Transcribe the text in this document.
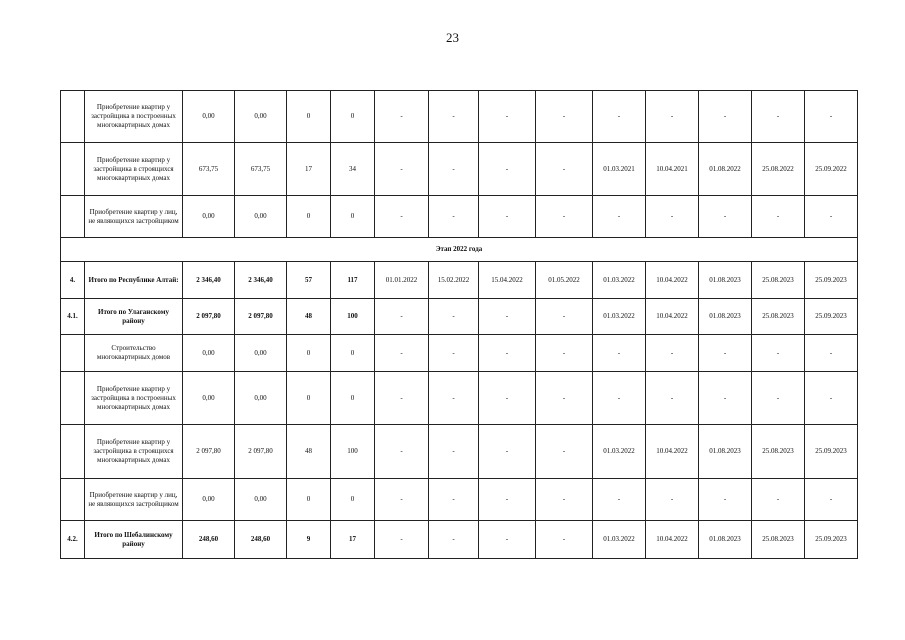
23
	Приобретение квартир у застройщика в построенных многоквартирных домах	0,00	0,00	0	0	-	-	-	-	-	-	-	-	-
	Приобретение квартир у застройщика в строящихся многоквартирных домах	673,75	673,75	17	34	-	-	-	-	01.03.2021	10.04.2021	01.08.2022	25.08.2022	25.09.2022
	Приобретение квартир у лиц, не являющихся застройщиком	0,00	0,00	0	0	-	-	-	-	-	-	-	-	-
Этап 2022 года														
4.	Итого по Республике Алтай:	2 346,40	2 346,40	57	117	01.01.2022	15.02.2022	15.04.2022	01.05.2022	01.03.2022	10.04.2022	01.08.2023	25.08.2023	25.09.2023
4.1.	Итого по Улаганскому району	2 097,80	2 097,80	48	100	-	-	-	-	01.03.2022	10.04.2022	01.08.2023	25.08.2023	25.09.2023
	Строительство многоквартирных домов	0,00	0,00	0	0	-	-	-	-	-	-	-	-	-
	Приобретение квартир у застройщика в построенных многоквартирных домах	0,00	0,00	0	0	-	-	-	-	-	-	-	-	-
	Приобретение квартир у застройщика в строящихся многоквартирных домах	2 097,80	2 097,80	48	100	-	-	-	-	01.03.2022	10.04.2022	01.08.2023	25.08.2023	25.09.2023
	Приобретение квартир у лиц, не являющихся застройщиком	0,00	0,00	0	0	-	-	-	-	-	-	-	-	-
4.2.	Итого по Шебалинскому району	248,60	248,60	9	17	-	-	-	-	01.03.2022	10.04.2022	01.08.2023	25.08.2023	25.09.2023
